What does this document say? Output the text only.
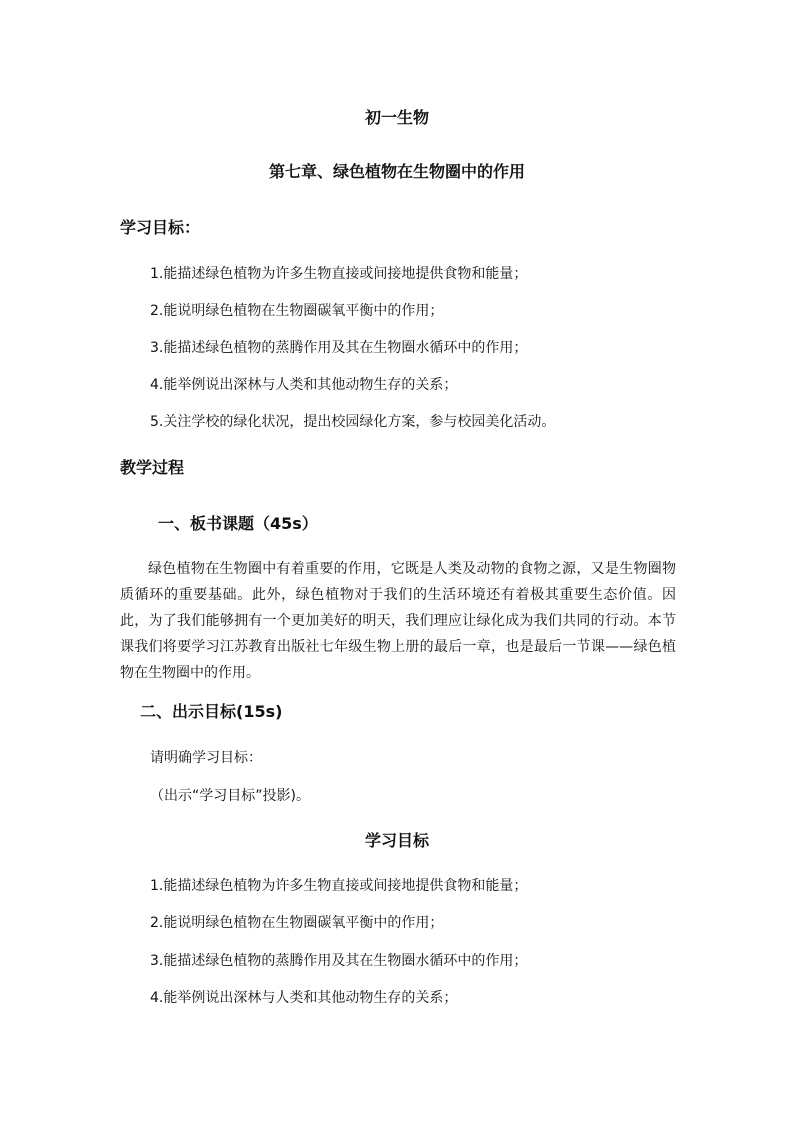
初一生物
第七章、绿色植物在生物圈中的作用
学习目标：
1.能描述绿色植物为许多生物直接或间接地提供食物和能量；
2.能说明绿色植物在生物圈碳氧平衡中的作用；
3.能描述绿色植物的蒸腾作用及其在生物圈水循环中的作用；
4.能举例说出深林与人类和其他动物生存的关系；
5.关注学校的绿化状况，提出校园绿化方案，参与校园美化活动。
教学过程
一、板书课题（45s）
绿色植物在生物圈中有着重要的作用，它既是人类及动物的食物之源，又是生物圈物质循环的重要基础。此外，绿色植物对于我们的生活环境还有着极其重要生态价值。因此，为了我们能够拥有一个更加美好的明天，我们理应让绿化成为我们共同的行动。本节课我们将要学习江苏教育出版社七年级生物上册的最后一章，也是最后一节课——绿色植物在生物圈中的作用。
二、出示目标(15s)
请明确学习目标：
（出示“学习目标”投影)。
学习目标
1.能描述绿色植物为许多生物直接或间接地提供食物和能量；
2.能说明绿色植物在生物圈碳氧平衡中的作用；
3.能描述绿色植物的蒸腾作用及其在生物圈水循环中的作用；
4.能举例说出深林与人类和其他动物生存的关系；
